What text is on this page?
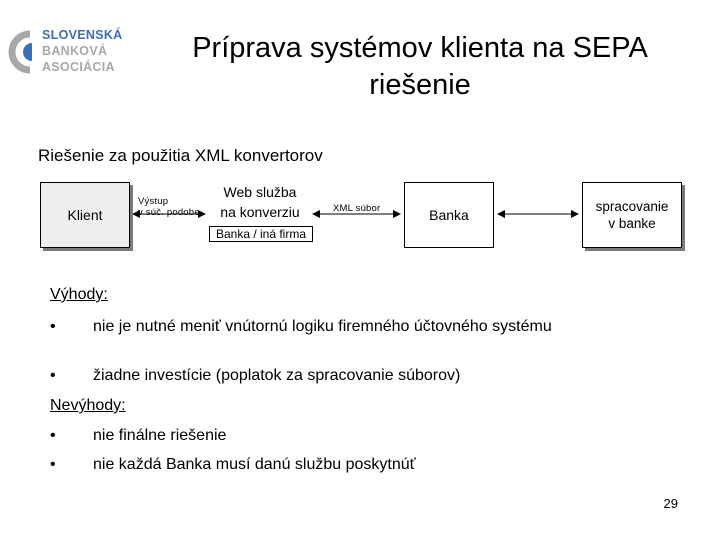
SLOVENSKÁ
BANKOVÁ
ASOCIÁCIA
Príprava systémov klienta na SEPA
riešenie
Riešenie za použitia XML konvertorov
Klient
Výstup
v súč. podobe
Web služba
na konverziu
Banka / iná firma
XML súbor	Banka
spracovanie
v banke
Výhody:
• nie je nutné meniť vnútornú logiku firemného účtovného systému
• žiadne investície (poplatok za spracovanie súborov)
Nevýhody:
• nie finálne riešenie
• nie každá Banka musí danú službu poskytnúť
29
